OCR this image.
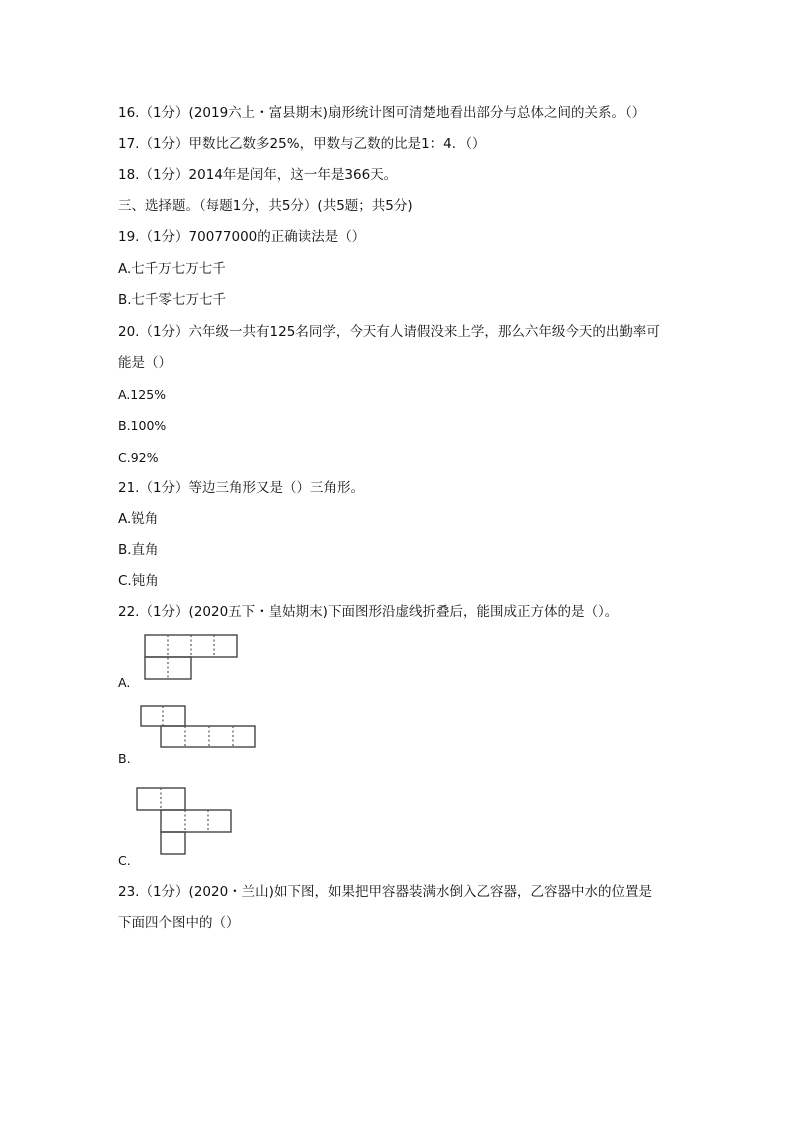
16.（1分）(2019六上・富县期末)扇形统计图可清楚地看出部分与总体之间的关系。（）
17.（1分）甲数比乙数多25%，甲数与乙数的比是1：4．（）
18.（1分）2014年是闰年，这一年是366天。
三、选择题。（每题1分，共5分）(共5题；共5分)
19.（1分）70077000的正确读法是（）
A.七千万七万七千
B.七千零七万七千
20.（1分）六年级一共有125名同学，今天有人请假没来上学，那么六年级今天的出勤率可
能是（）
A.125%
B.100%
C.92%
21.（1分）等边三角形又是（）三角形。
A.锐角
B.直角
C.钝角
22.（1分）(2020五下・皇姑期末)下面图形沿虚线折叠后，能围成正方体的是（）。
A.
B.
C.
23.（1分）(2020・兰山)如下图，如果把甲容器装满水倒入乙容器，乙容器中水的位置是
下面四个图中的（）
